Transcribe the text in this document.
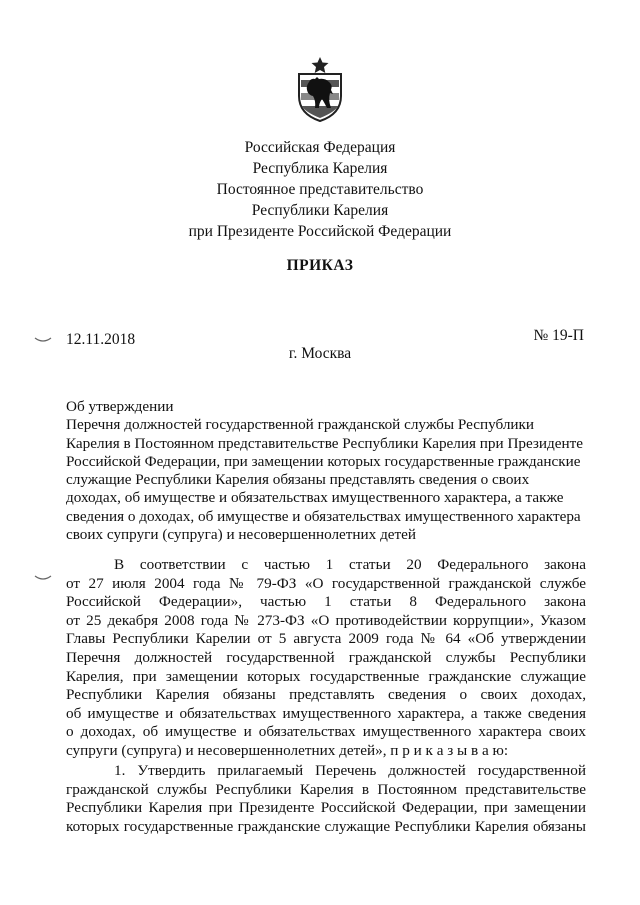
Российская Федерация
Республика Карелия
Постоянное представительство
Республики Карелия
при Президенте Российской Федерации
ПРИКАЗ
12.11.2018	№ 19-П
г. Москва
Об утверждении
Перечня должностей государственной гражданской службы Республики
Карелия в Постоянном представительстве Республики Карелия при Президенте
Российской Федерации, при замещении которых государственные гражданские
служащие Республики Карелия обязаны представлять сведения о своих
доходах, об имуществе и обязательствах имущественного характера, а также
сведения о доходах, об имуществе и обязательствах имущественного характера
своих супруги (супруга) и несовершеннолетних детей
В соответствии с частью 1 статьи 20 Федерального закона
от 27 июля 2004 года № 79-ФЗ «О государственной гражданской службе
Российской Федерации», частью 1 статьи 8 Федерального закона
от 25 декабря 2008 года № 273-ФЗ «О противодействии коррупции», Указом
Главы Республики Карелии от 5 августа 2009 года № 64 «Об утверждении
Перечня должностей государственной гражданской службы Республики
Карелия, при замещении которых государственные гражданские служащие
Республики Карелия обязаны представлять сведения о своих доходах,
об имуществе и обязательствах имущественного характера, а также сведения
о доходах, об имуществе и обязательствах имущественного характера своих
супруги (супруга) и несовершеннолетних детей», п р и к а з ы в а ю:
1. Утвердить прилагаемый Перечень должностей государственной
гражданской службы Республики Карелия в Постоянном представительстве
Республики Карелия при Президенте Российской Федерации, при замещении
которых государственные гражданские служащие Республики Карелия обязаны
